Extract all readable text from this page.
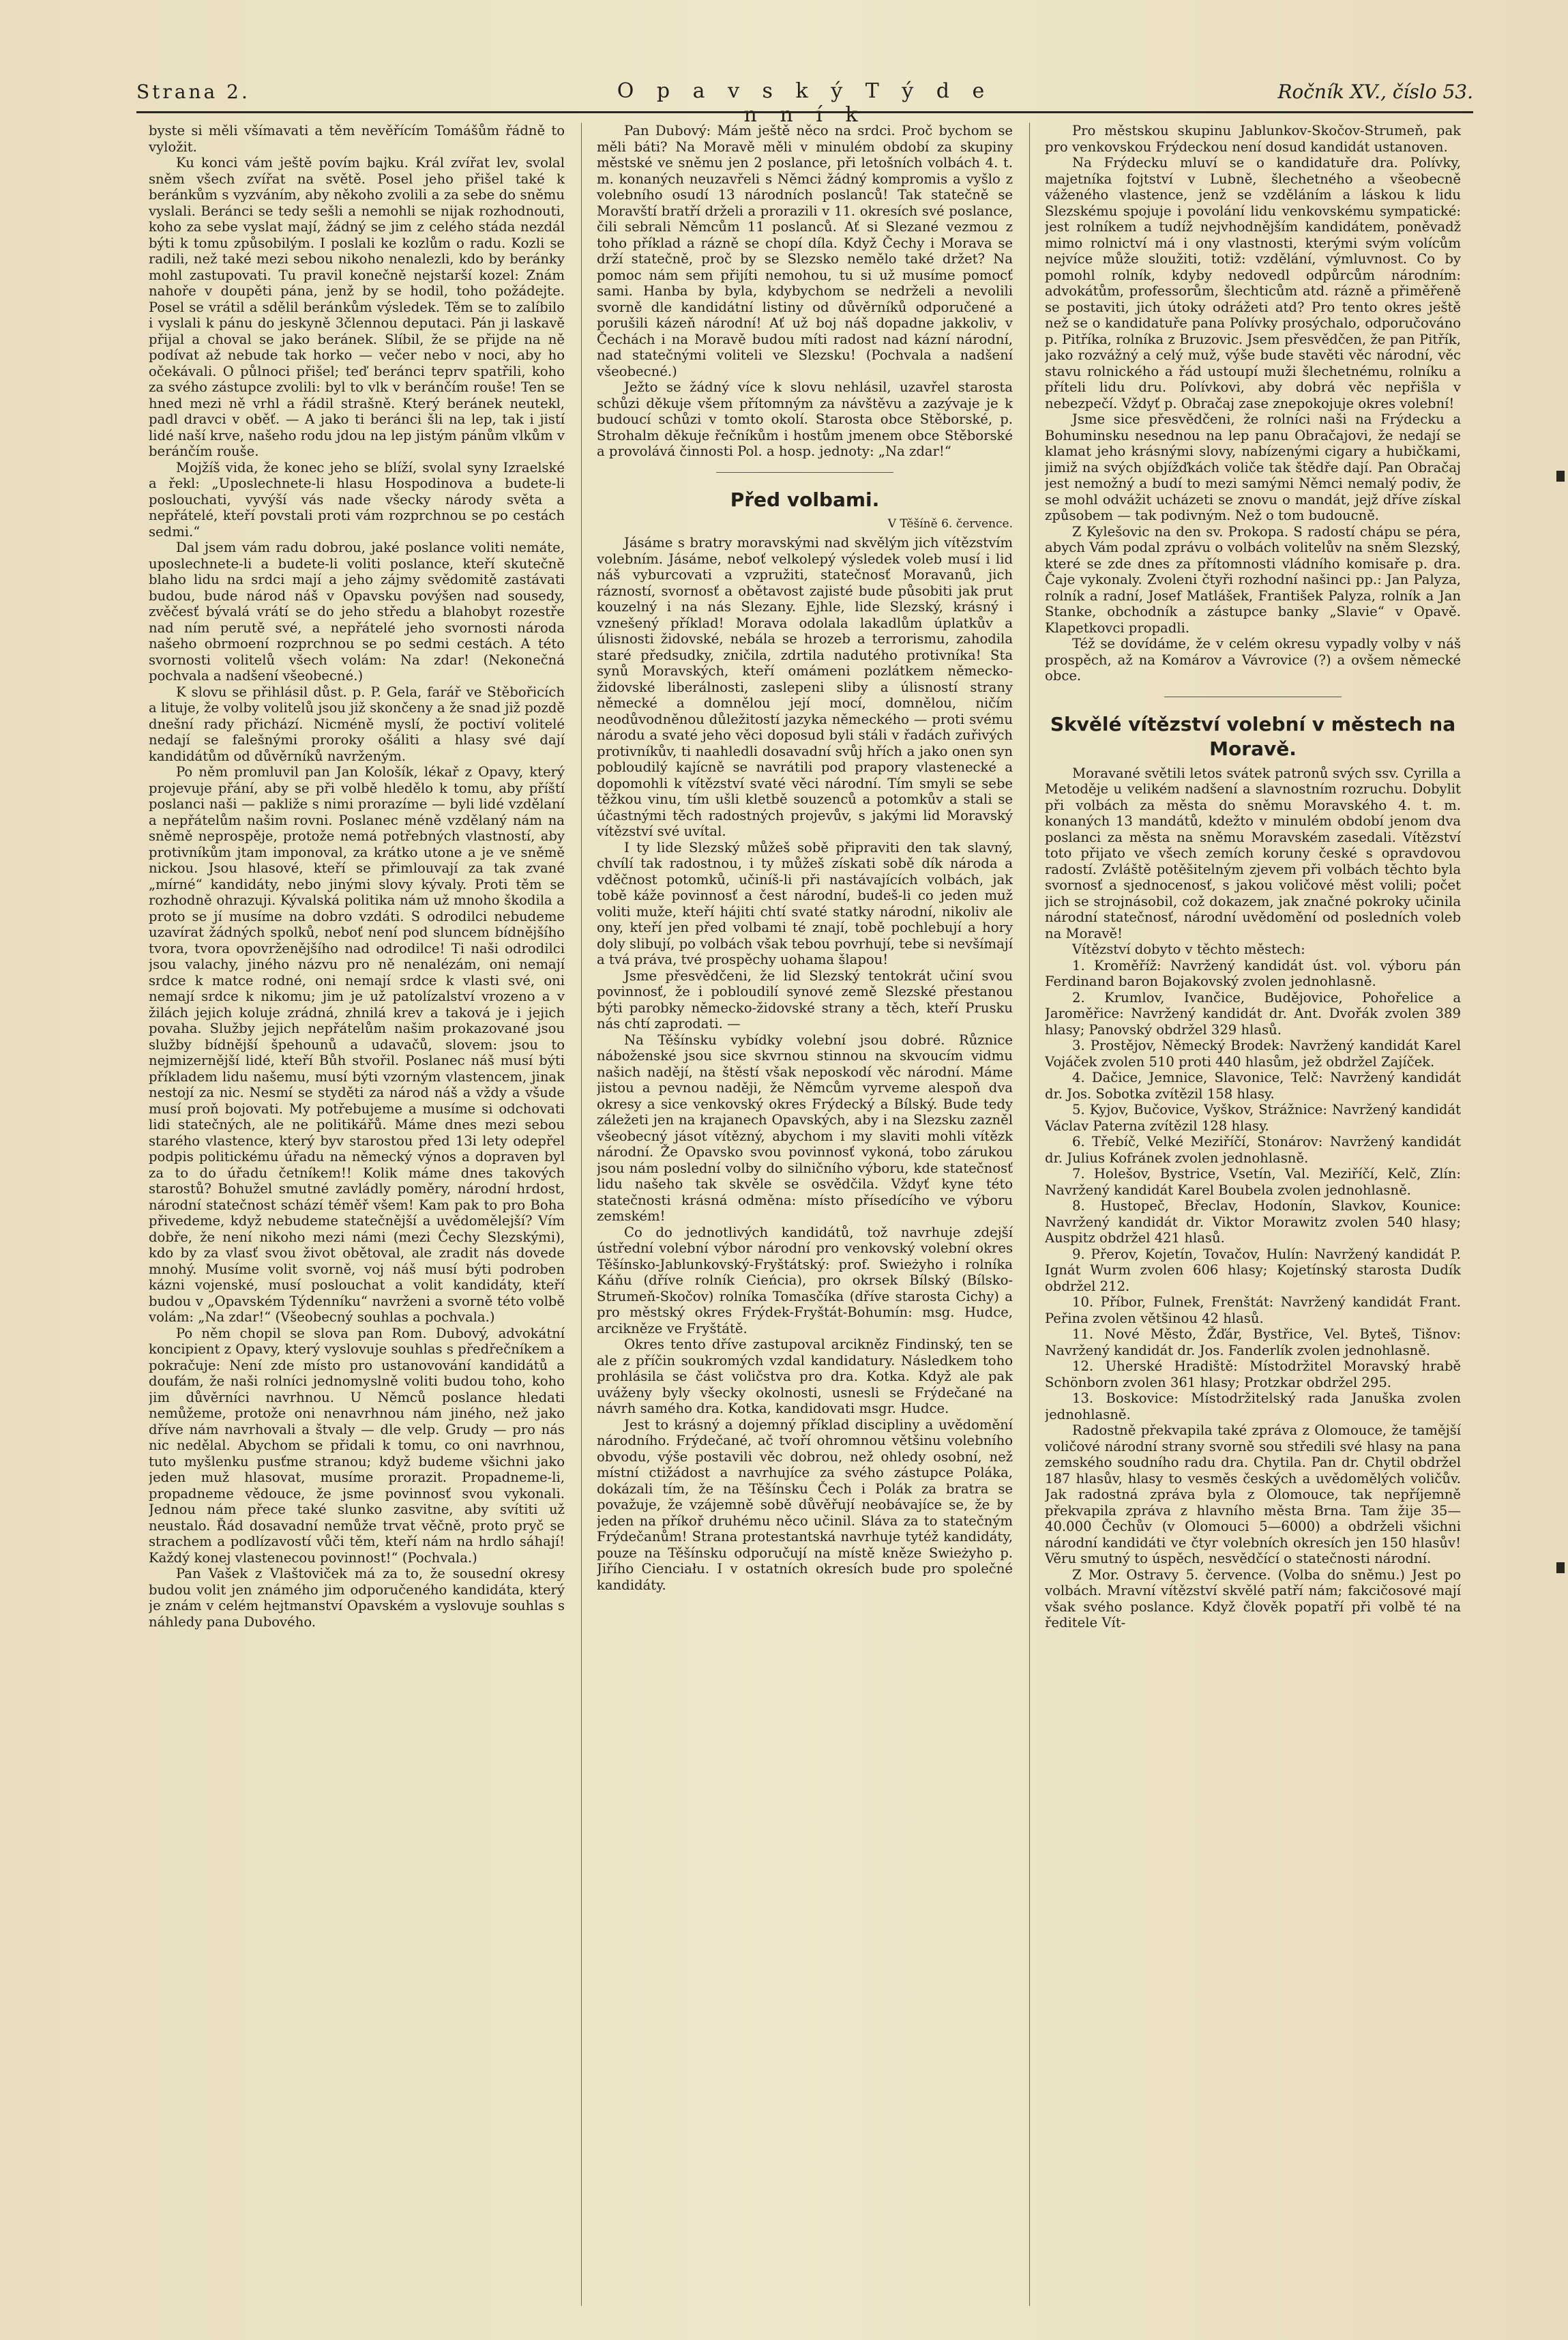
Strana 2.	O p a v s k ý T ý d e n n í k
Ročník XV., číslo 53.

byste si měli všímavati a těm nevěřícím Tomášům řádně to vyložit.

Ku konci vám ještě povím bajku. Král zvířat lev, svolal sněm všech zvířat na světě. Posel jeho přišel také k beránkům s vyzváním, aby někoho zvolili a za sebe do sněmu vyslali. Beránci se tedy sešli a nemohli se nijak rozhodnouti, koho za sebe vyslat mají, žádný se jim z celého stáda nezdál býti k tomu způsobilým. I poslali ke kozlům o radu. Kozli se radili, než také mezi sebou nikoho nenalezli, kdo by beránky mohl zastupovati. Tu pravil konečně nejstarší kozel: Znám nahoře v doupěti pána, jenž by se hodil, toho požádejte. Posel se vrátil a sdělil beránkům výsledek. Těm se to zalíbilo i vyslali k pánu do jeskyně 3člennou deputaci. Pán ji laskavě přijal a choval se jako beránek. Slíbil, že se přijde na ně podívat až nebude tak horko — večer nebo v noci, aby ho očekávali. O půlnoci přišel; teď beránci teprv spatřili, koho za svého zástupce zvolili: byl to vlk v beránčím rouše! Ten se hned mezi ně vrhl a řádil strašně. Který beránek neutekl, padl dravci v oběť. — A jako ti beránci šli na lep, tak i jistí lidé naší krve, našeho rodu jdou na lep jistým pánům vlkům v beránčím rouše.

Mojžíš vida, že konec jeho se blíží, svolal syny Izraelské a řekl: „Uposlechnete-li hlasu Hospodinova a budete-li poslouchati, vyvýší vás nade všecky národy světa a nepřátelé, kteří povstali proti vám rozprchnou se po cestách sedmi.“

Dal jsem vám radu dobrou, jaké poslance voliti nemáte, uposlechnete-li a budete-li voliti poslance, kteří skutečně blaho lidu na srdci mají a jeho zájmy svědomitě zastávati budou, bude národ náš v Opavsku povýšen nad sousedy, zvěčesť bývalá vrátí se do jeho středu a blahobyt rozestře nad ním perutě své, a nepřátelé jeho svornosti národa našeho obrmoení rozprchnou se po sedmi cestách. A této svornosti volitelů všech volám: Na zdar! (Nekonečná pochvala a nadšení všeobecné.)

K slovu se přihlásil důst. p. P. Gela, farář ve Stěbořicích a lituje, že volby volitelů jsou již skončeny a že snad již pozdě dnešní rady přichází. Nicméně myslí, že poctiví volitelé nedají se falešnými proroky ošáliti a hlasy své dají kandidátům od důvěrníků navrženým.

Po něm promluvil pan Jan Kološík, lékař z Opavy, který projevuje přání, aby se při volbě hledělo k tomu, aby příští poslanci naši — pakliže s nimi prorazíme — byli lidé vzdělaní a nepřátelům našim rovni. Poslanec méně vzdělaný nám na sněmě neprospěje, protože nemá potřebných vlastností, aby protivníkům jtam imponoval, za krátko utone a je ve sněmě nickou. Jsou hlasové, kteří se přimlouvají za tak zvané „mírné“ kandidáty, nebo jinými slovy kývaly. Proti těm se rozhodně ohrazuji. Kývalská politika nám už mnoho škodila a proto se jí musíme na dobro vzdáti. S odrodilci nebudeme uzavírat žádných spolků, neboť není pod sluncem bídnějšího tvora, tvora opovrženějšího nad odrodilce! Ti naši odrodilci jsou valachy, jiného názvu pro ně nenalézám, oni nemají srdce k matce rodné, oni nemají srdce k vlasti své, oni nemají srdce k nikomu; jim je už patolízalství vrozeno a v žilách jejich koluje zrádná, zhnilá krev a taková je i jejich povaha. Služby jejich nepřátelům našim prokazované jsou služby bídnější špehounů a udavačů, slovem: jsou to nejmizernější lidé, kteří Bůh stvořil. Poslanec náš musí býti příkladem lidu našemu, musí býti vzorným vlastencem, jinak nestojí za nic. Nesmí se styděti za národ náš a vždy a všude musí proň bojovati. My potřebujeme a musíme si odchovati lidi statečných, ale ne politikářů. Máme dnes mezi sebou starého vlastence, který byv starostou před 13i lety odepřel podpis politickému úřadu na německý výnos a dopraven byl za to do úřadu četníkem!! Kolik máme dnes takových starostů? Bohužel smutné zavládly poměry, národní hrdost, národní statečnost schází téměř všem! Kam pak to pro Boha přivedeme, když nebudeme statečnější a uvědomělejší? Vím dobře, že není nikoho mezi námi (mezi Čechy Slezskými), kdo by za vlasť svou život obětoval, ale zradit nás dovede mnohý. Musíme volit svorně, voj náš musí býti podroben kázni vojenské, musí poslouchat a volit kandidáty, kteří budou v „Opavském Týdenníku“ navrženi a svorně této volbě volám: „Na zdar!“ (Všeobecný souhlas a pochvala.)

Po něm chopil se slova pan Rom. Dubový, advokátní koncipient z Opavy, který vyslovuje souhlas s předřečníkem a pokračuje: Není zde místo pro ustanovování kandidátů a doufám, že naši rolníci jednomyslně voliti budou toho, koho jim důvěrníci navrhnou. U Němců poslance hledati nemůžeme, protože oni nenavrhnou nám jiného, než jako dříve nám navrhovali a štvaly — dle velp. Grudy — pro nás nic nedělal. Abychom se přidali k tomu, co oni navrhnou, tuto myšlenku pusťme stranou; když budeme všichni jako jeden muž hlasovat, musíme prorazit. Propadneme-li, propadneme vědouce, že jsme povinnosť svou vykonali. Jednou nám přece také slunko zasvitne, aby svítiti už neustalo. Řád dosavadní nemůže trvat věčně, proto pryč se strachem a podlízavostí vůči těm, kteří nám na hrdlo sáhají! Každý konej vlastenecou povinnost!“ (Pochvala.)

Pan Vašek z Vlaštoviček má za to, že sousední okresy budou volit jen známého jim odporučeného kandidáta, který je znám v celém hejtmanství Opavském a vyslovuje souhlas s náhledy pana Dubového.

Pan Dubový: Mám ještě něco na srdci. Proč bychom se měli báti? Na Moravě měli v minulém období za skupiny městské ve sněmu jen 2 poslance, při letošních volbách 4. t. m. konaných neuzavřeli s Němci žádný kompromis a vyšlo z volebního osudí 13 národních poslanců! Tak statečně se Moravští bratří drželi a prorazili v 11. okresích své poslance, čili sebrali Němcům 11 poslanců. Ať si Slezané vezmou z toho příklad a rázně se chopí díla. Když Čechy i Morava se drží statečně, proč by se Slezsko nemělo také držet? Na pomoc nám sem přijíti nemohou, tu si už musíme pomocť sami. Hanba by byla, kdybychom se nedrželi a nevolili svorně dle kandidátní listiny od důvěrníků odporučené a porušili kázeň národní! Ať už boj náš dopadne jakkoliv, v Čechách i na Moravě budou míti radost nad kázní národní, nad statečnými voliteli ve Slezsku! (Pochvala a nadšení všeobecné.)

Ježto se žádný více k slovu nehlásil, uzavřel starosta schůzi děkuje všem přítomným za návštěvu a zazývaje je k budoucí schůzi v tomto okolí. Starosta obce Stěborské, p. Strohalm děkuje řečníkům i hostům jmenem obce Stěborské a provolává činnosti Pol. a hosp. jednoty: „Na zdar!“

Před volbami.
V Těšíně 6. července.

Jásáme s bratry moravskými nad skvělým jich vítězstvím volebním. Jásáme, neboť velkolepý výsledek voleb musí i lid náš vyburcovati a vzpružiti, statečnosť Moravanů, jich rázností, svornosť a obětavost zajisté bude působiti jak prut kouzelný i na nás Slezany. Ejhle, lide Slezský, krásný i vznešený příklad! Morava odolala lakadlům úplatkův a úlisnosti židovské, nebála se hrozeb a terrorismu, zahodila staré předsudky, zničila, zdrtila nadutého protivníka! Sta synů Moravských, kteří omámeni pozlátkem německo-židovské liberálnosti, zaslepeni sliby a úlisností strany německé a domnělou její mocí, domnělou, ničím neodůvodněnou důležitostí jazyka německého — proti svému národu a svaté jeho věci doposud byli stáli v řadách zuřivých protivníkův, ti naahledli dosavadní svůj hřích a jako onen syn pobloudilý kajícně se navrátili pod prapory vlastenecké a dopomohli k vítězství svaté věci národní. Tím smyli se sebe těžkou vinu, tím ušli kletbě souzenců a potomkův a stali se účastnými těch radostných projevův, s jakými lid Moravský vítězství své uvítal.

I ty lide Slezský můžeš sobě připraviti den tak slavný, chvílí tak radostnou, i ty můžeš získati sobě dík národa a vděčnost potomků, učiníš-li při nastávajících volbách, jak tobě káže povinnosť a čest národní, budeš-li co jeden muž voliti muže, kteří hájiti chtí svaté statky národní, nikoliv ale ony, kteří jen před volbami té znají, tobě pochlebují a hory doly slibují, po volbách však tebou povrhují, tebe si nevšímají a tvá práva, tvé prospěchy uohama šlapou!

Jsme přesvědčeni, že lid Slezský tentokrát učiní svou povinnosť, že i pobloudilí synové země Slezské přestanou býti parobky německo-židovské strany a těch, kteří Prusku nás chtí zaprodati. —

Na Těšínsku vybídky volební jsou dobré. Různice náboženské jsou sice skvrnou stinnou na skvoucím vidmu našich nadějí, na štěstí však neposkodí věc národní. Máme jistou a pevnou naději, že Němcům vyrveme alespoň dva okresy a sice venkovský okres Frýdecký a Bílský. Bude tedy záležeti jen na krajanech Opavských, aby i na Slezsku zazněl všeobecný jásot vítězný, abychom i my slaviti mohli vítězk národní. Že Opavsko svou povinnosť vykoná, tobo zárukou jsou nám poslední volby do silničního výboru, kde statečnosť lidu našeho tak skvěle se osvědčila. Vždyť kyne této statečnosti krásná odměna: místo přísedícího ve výboru zemském!

Co do jednotlivých kandidátů, tož navrhuje zdejší ústřední volební výbor národní pro venkovský volební okres Těšínsko-Jablunkovský-Fryštátský: prof. Swieżyho i rolníka Káňu (dříve rolník Cieńcia), pro okrsek Bílský (Bílsko-Strumeň-Skočov) rolníka Tomasčíka (dříve starosta Cichy) a pro městský okres Frýdek-Fryštát-Bohumín: msg. Hudce, arcikněze ve Fryštátě.

Okres tento dříve zastupoval arcikněz Findinský, ten se ale z příčin soukromých vzdal kandidatury. Následkem toho prohlásila se část voličstva pro dra. Kotka. Když ale pak uváženy byly všecky okolnosti, usnesli se Frýdečané na návrh samého dra. Kotka, kandidovati msgr. Hudce.

Jest to krásný a dojemný příklad discipliny a uvědomění národního. Frýdečané, ač tvoří ohromnou většinu volebního obvodu, výše postavili věc dobrou, než ohledy osobní, než místní ctižádost a navrhujíce za svého zástupce Poláka, dokázali tím, že na Těšínsku Čech i Polák za bratra se považuje, že vzájemně sobě důvěřují neobávajíce se, že by jeden na příkoř druhému něco učinil. Sláva za to statečným Frýdečanům! Strana protestantská navrhuje tytéž kandidáty, pouze na Těšínsku odporučují na místě kněze Swieżyho p. Jiřího Cienciału. I v ostatních okresích bude pro společné kandidáty.

Pro městskou skupinu Jablunkov-Skočov-Strumeň, pak pro venkovskou Frýdeckou není dosud kandidát ustanoven.

Na Frýdecku mluví se o kandidatuře dra. Polívky, majetníka fojtství v Lubně, šlechetného a všeobecně váženého vlastence, jenž se vzděláním a láskou k lidu Slezskému spojuje i povolání lidu venkovskému sympatické: jest rolníkem a tudíž nejvhodnějším kandidátem, poněvadž mimo rolnictví má i ony vlastnosti, kterými svým volícům nejvíce může sloužiti, totiž: vzdělání, výmluvnost. Co by pomohl rolník, kdyby nedovedl odpůrcům národním: advokátům, professorům, šlechticům atd. rázně a přiměřeně se postaviti, jich útoky odrážeti atd? Pro tento okres ještě než se o kandidatuře pana Polívky prosýchalo, odporučováno p. Pitříka, rolníka z Bruzovic. Jsem přesvědčen, že pan Pitřík, jako rozvážný a celý muž, výše bude stavěti věc národní, věc stavu rolnického a řád ustoupí muži šlechetnému, rolníku a příteli lidu dru. Polívkovi, aby dobrá věc nepřišla v nebezpečí. Vždyť p. Obračaj zase znepokojuje okres volební!

Jsme sice přesvědčeni, že rolníci naši na Frýdecku a Bohuminsku nesednou na lep panu Obračajovi, že nedají se klamat jeho krásnými slovy, nabízenými cigary a hubičkami, jimiž na svých objížďkách voliče tak štědře dají. Pan Obračaj jest nemožný a budí to mezi samými Němci nemalý podiv, že se mohl odvážit ucházeti se znovu o mandát, jejž dříve získal způsobem — tak podivným. Než o tom budoucně.

Z Kylešovic na den sv. Prokopa. S radostí chápu se péra, abych Vám podal zprávu o volbách volitelův na sněm Slezský, které se zde dnes za přítomnosti vládního komisaře p. dra. Čaje vykonaly. Zvoleni čtyři rozhodní našinci pp.: Jan Palyza, rolník a radní, Josef Matlášek, František Palyza, rolník a Jan Stanke, obchodník a zástupce banky „Slavie“ v Opavě. Klapetkovci propadli.

Též se dovídáme, že v celém okresu vypadly volby v náš prospěch, až na Komárov a Vávrovice (?) a ovšem německé obce.

Skvělé vítězství volební v městech na Moravě.

Moravané světili letos svátek patronů svých ssv. Cyrilla a Metoděje u velikém nadšení a slavnostním rozruchu. Dobylit při volbách za města do sněmu Moravského 4. t. m. konaných 13 mandátů, kdežto v minulém období jenom dva poslanci za města na sněmu Moravském zasedali. Vítězství toto přijato ve všech zemích koruny české s opravdovou radostí. Zvláště potěšitelným zjevem při volbách těchto byla svornosť a sjednocenosť, s jakou voličové měst volili; počet jich se strojnásobil, což dokazem, jak značné pokroky učinila národní statečnosť, národní uvědomění od posledních voleb na Moravě!

Vítězství dobyto v těchto městech:

1. Kroměříž: Navržený kandidát úst. vol. výboru pán Ferdinand baron Bojakovský zvolen jednohlasně.

2. Krumlov, Ivančice, Budějovice, Pohořelice a Jaroměřice: Navržený kandidát dr. Ant. Dvořák zvolen 389 hlasy; Panovský obdržel 329 hlasů.

3. Prostějov, Německý Brodek: Navržený kandidát Karel Vojáček zvolen 510 proti 440 hlasům, jež obdržel Zajíček.

4. Dačice, Jemnice, Slavonice, Telč: Navržený kandidát dr. Jos. Sobotka zvítězil 158 hlasy.

5. Kyjov, Bučovice, Vyškov, Strážnice: Navržený kandidát Václav Paterna zvítězil 128 hlasy.

6. Třebíč, Velké Meziříčí, Stonárov: Navržený kandidát dr. Julius Kofránek zvolen jednohlasně.

7. Holešov, Bystrice, Vsetín, Val. Meziříčí, Kelč, Zlín: Navržený kandidát Karel Boubela zvolen jednohlasně.

8. Hustopeč, Břeclav, Hodonín, Slavkov, Kounice: Navržený kandidát dr. Viktor Morawitz zvolen 540 hlasy; Auspitz obdržel 421 hlasů.

9. Přerov, Kojetín, Tovačov, Hulín: Navržený kandidát P. Ignát Wurm zvolen 606 hlasy; Kojetínský starosta Dudík obdržel 212.

10. Příbor, Fulnek, Frenštát: Navržený kandidát Frant. Peřina zvolen většinou 42 hlasů.

11. Nové Město, Žďár, Bystřice, Vel. Byteš, Tišnov: Navržený kandidát dr. Jos. Fanderlík zvolen jednohlasně.

12. Uherské Hradiště: Místodržitel Moravský hrabě Schönborn zvolen 361 hlasy; Protzkar obdržel 295.

13. Boskovice: Místodržitelský rada Januška zvolen jednohlasně.

Radostně překvapila také zpráva z Olomouce, že tamější voličové národní strany svorně sou středili své hlasy na pana zemského soudního radu dra. Chytila. Pan dr. Chytil obdržel 187 hlasův, hlasy to vesměs českých a uvědomělých voličův. Jak radostná zpráva byla z Olomouce, tak nepříjemně překvapila zpráva z hlavního města Brna. Tam žije 35—40.000 Čechův (v Olomouci 5—6000) a obdrželi všichni národní kandidáti ve čtyr volebních okresích jen 150 hlasův! Věru smutný to úspěch, nesvědčící o statečnosti národní.

Z Mor. Ostravy 5. července. (Volba do sněmu.) Jest po volbách. Mravní vítězství skvělé patří nám; fakcičosové mají však svého poslance. Když člověk popatří při volbě té na ředitele Vít-
